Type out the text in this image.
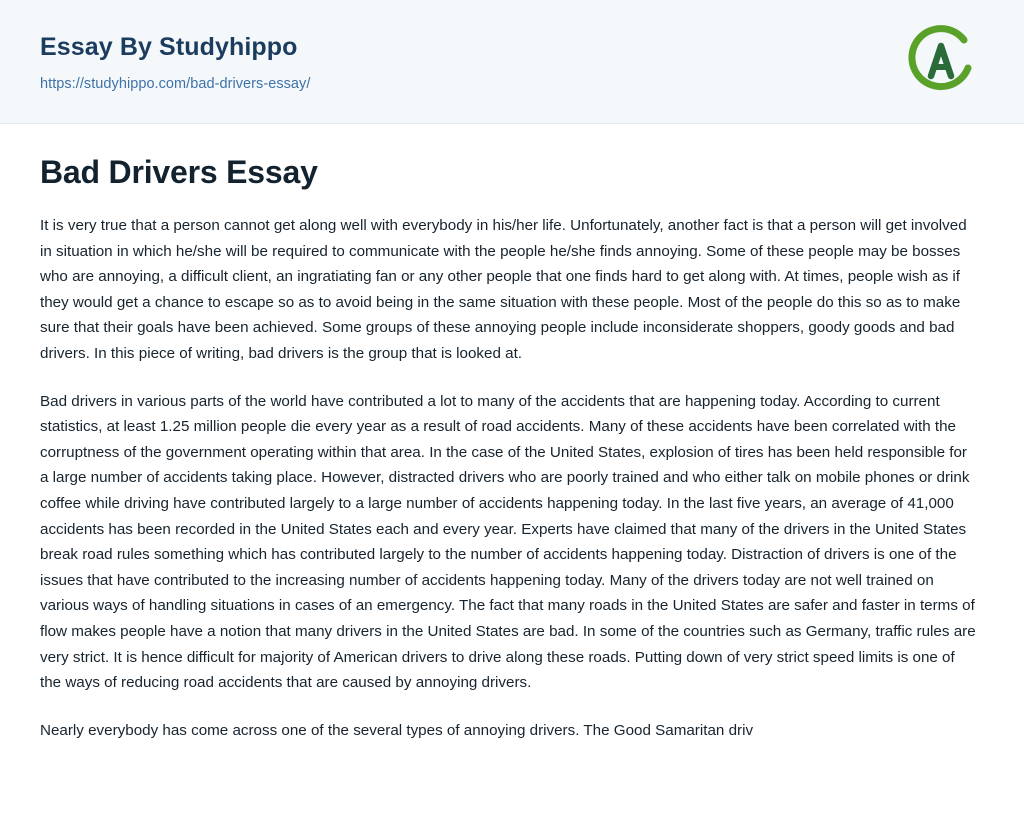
Essay By Studyhippo
https://studyhippo.com/bad-drivers-essay/
Bad Drivers Essay

It is very true that a person cannot get along well with everybody in his/her life. Unfortunately, another fact is that a person will get involved in situation in which he/she will be required to communicate with the people he/she finds annoying. Some of these people may be bosses who are annoying, a difficult client, an ingratiating fan or any other people that one finds hard to get along with. At times, people wish as if they would get a chance to escape so as to avoid being in the same situation with these people. Most of the people do this so as to make sure that their goals have been achieved. Some groups of these annoying people include inconsiderate shoppers, goody goods and bad drivers. In this piece of writing, bad drivers is the group that is looked at.

Bad drivers in various parts of the world have contributed a lot to many of the accidents that are happening today. According to current statistics, at least 1.25 million people die every year as a result of road accidents. Many of these accidents have been correlated with the corruptness of the government operating within that area. In the case of the United States, explosion of tires has been held responsible for a large number of accidents taking place. However, distracted drivers who are poorly trained and who either talk on mobile phones or drink coffee while driving have contributed largely to a large number of accidents happening today. In the last five years, an average of 41,000 accidents has been recorded in the United States each and every year. Experts have claimed that many of the drivers in the United States break road rules something which has contributed largely to the number of accidents happening today. Distraction of drivers is one of the issues that have contributed to the increasing number of accidents happening today. Many of the drivers today are not well trained on various ways of handling situations in cases of an emergency. The fact that many roads in the United States are safer and faster in terms of flow makes people have a notion that many drivers in the United States are bad. In some of the countries such as Germany, traffic rules are very strict. It is hence difficult for majority of American drivers to drive along these roads. Putting down of very strict speed limits is one of the ways of reducing road accidents that are caused by annoying drivers.

Nearly everybody has come across one of the several types of annoying drivers. The Good Samaritan driv
